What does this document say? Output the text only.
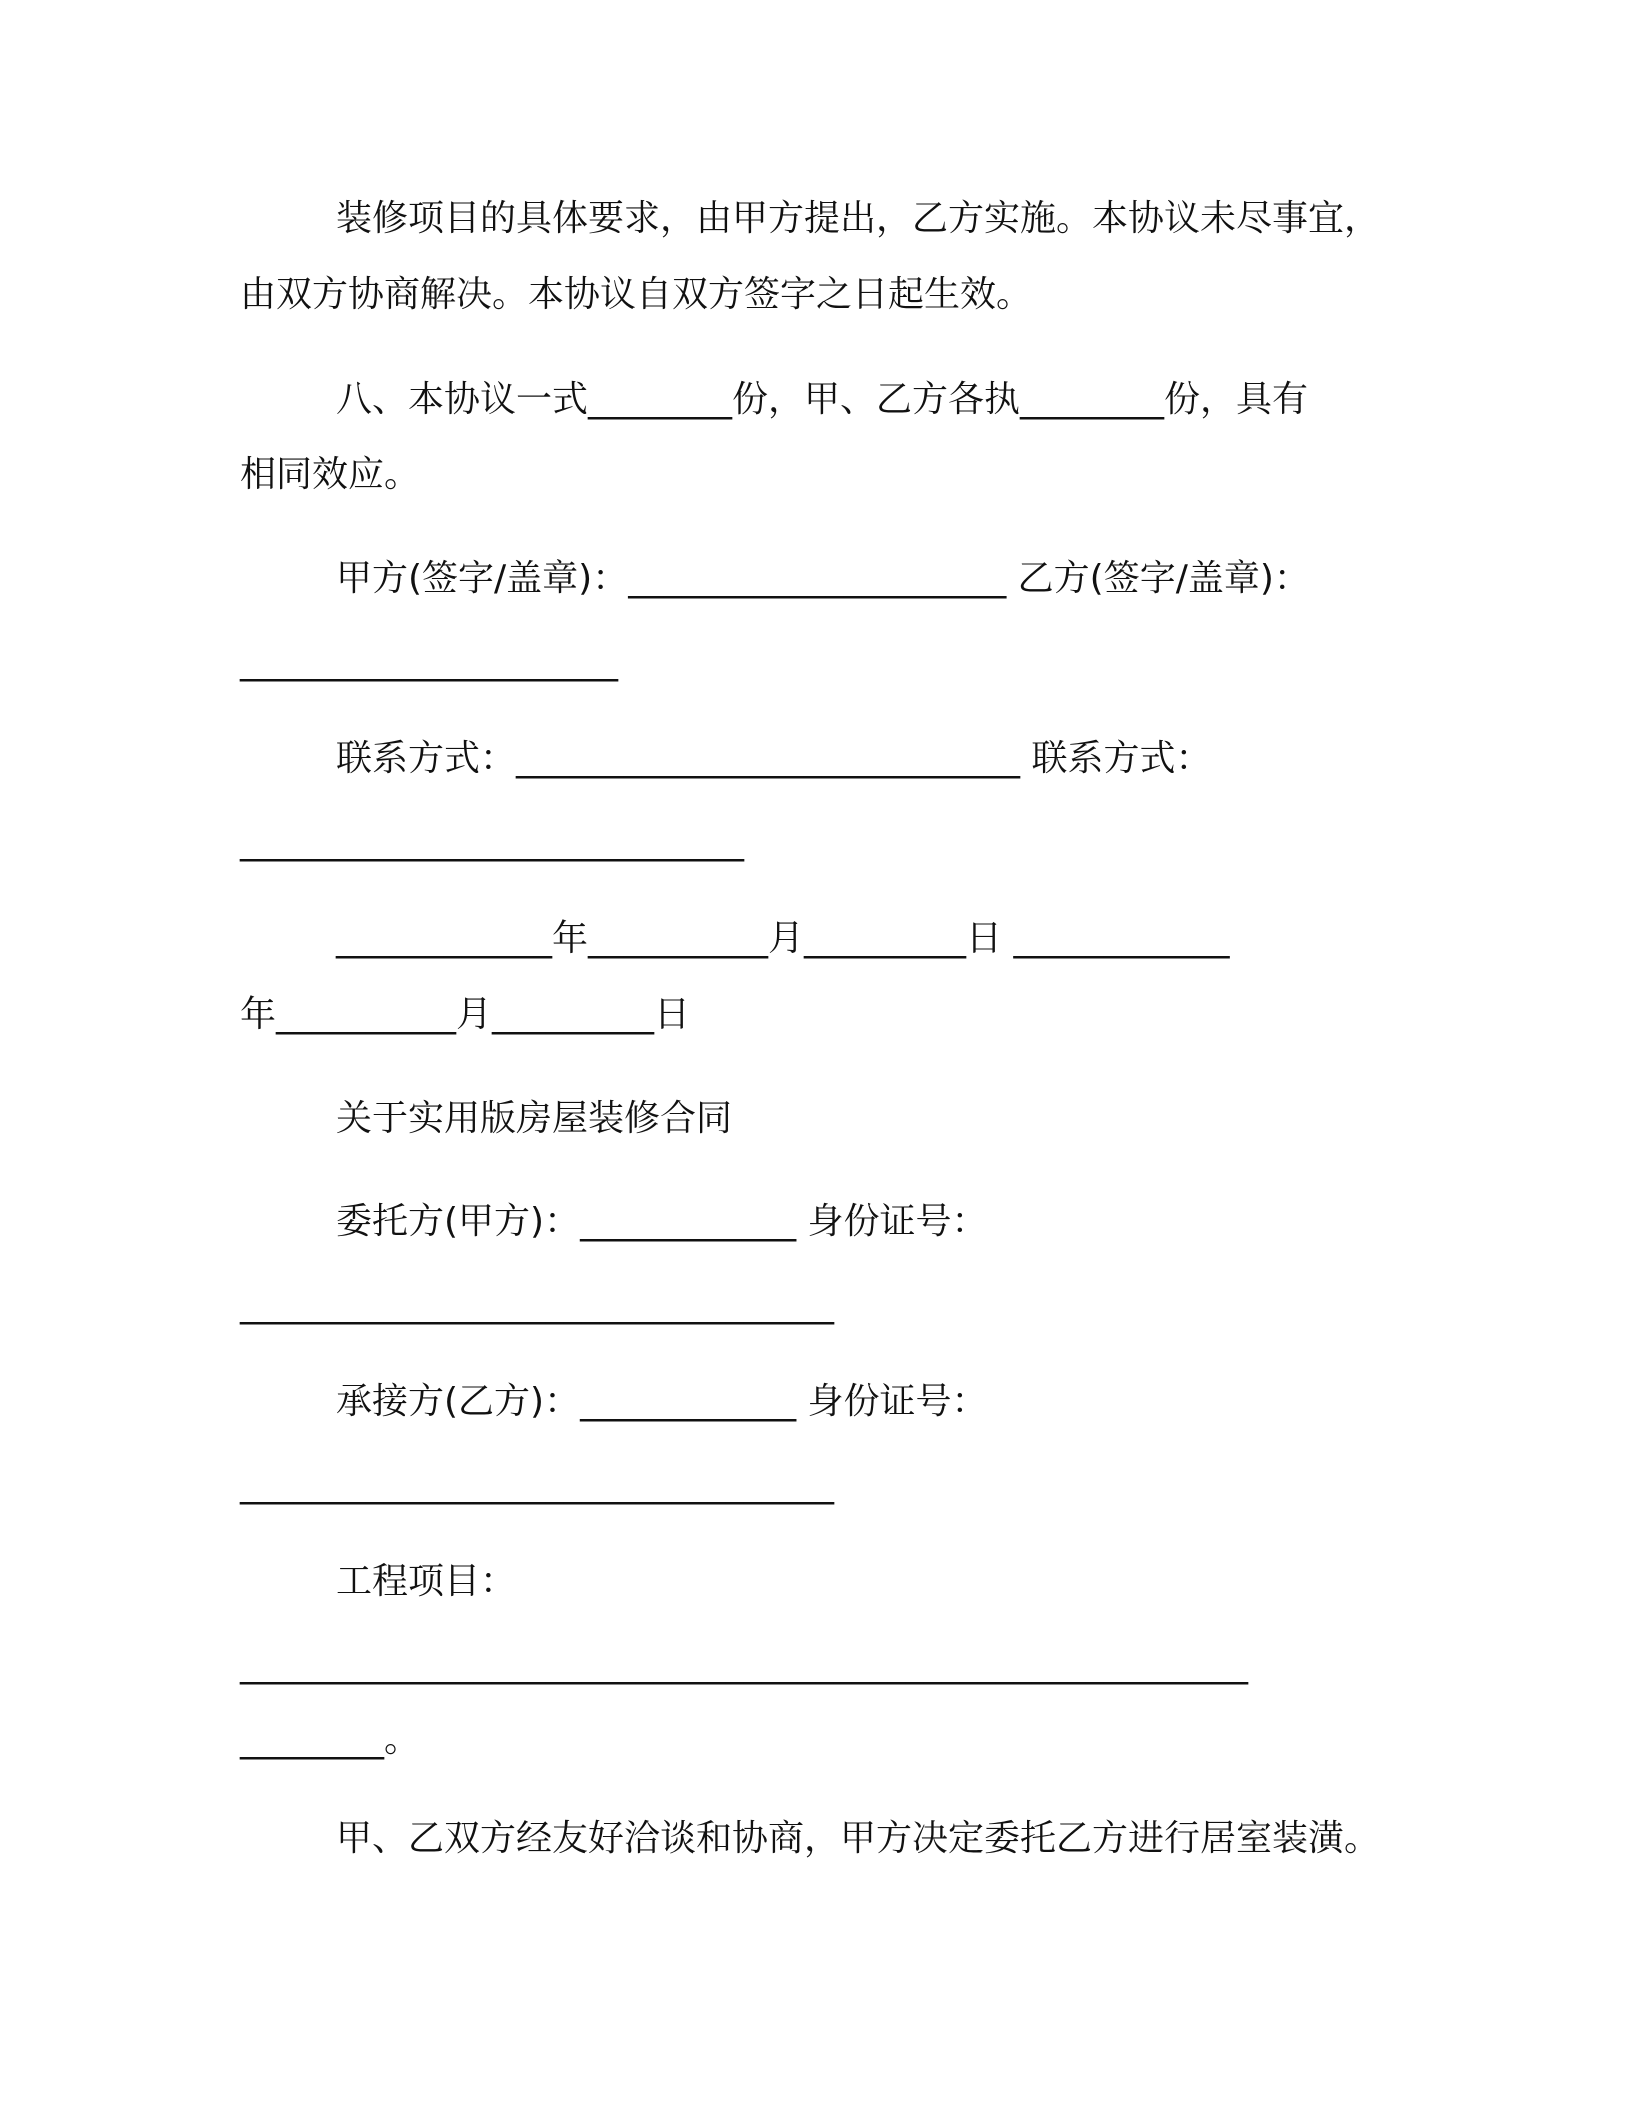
装修项目的具体要求，由甲方提出，乙方实施。本协议未尽事宜，
由双方协商解决。本协议自双方签字之日起生效。
八、本协议一式________份，甲、乙方各执________份，具有
相同效应。
甲方(签字/盖章)：_____________________ 乙方(签字/盖章)：
_____________________
联系方式：____________________________ 联系方式：
____________________________
____________年__________月_________日 ____________
年__________月_________日
关于实用版房屋装修合同
委托方(甲方)：____________ 身份证号：
_________________________________
承接方(乙方)：____________ 身份证号：
_________________________________
工程项目：
________________________________________________________
________。
甲、乙双方经友好洽谈和协商，甲方决定委托乙方进行居室装潢。
